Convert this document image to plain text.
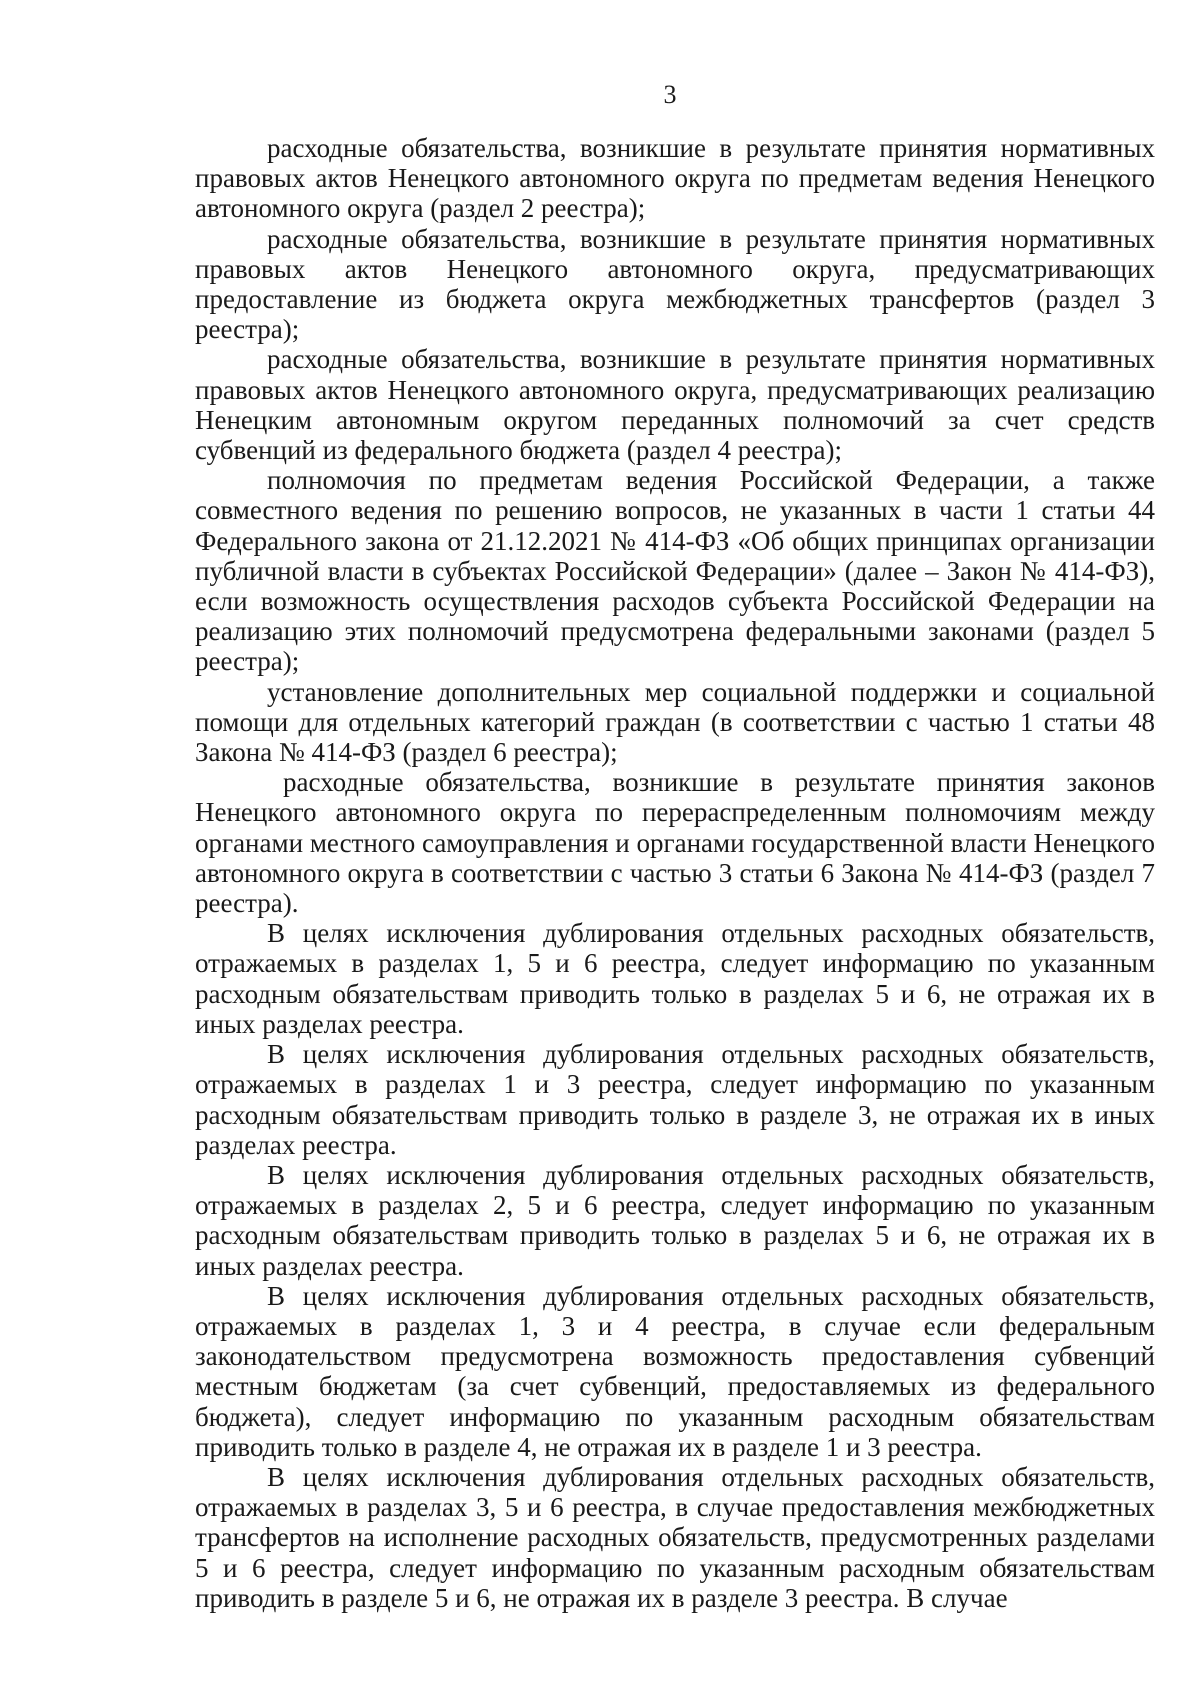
3

расходные обязательства, возникшие в результате принятия нормативных правовых актов Ненецкого автономного округа по предметам ведения Ненецкого автономного округа (раздел 2 реестра);

расходные обязательства, возникшие в результате принятия нормативных правовых актов Ненецкого автономного округа, предусматривающих предоставление из бюджета округа межбюджетных трансфертов (раздел 3 реестра);

расходные обязательства, возникшие в результате принятия нормативных правовых актов Ненецкого автономного округа, предусматривающих реализацию Ненецким автономным округом переданных полномочий за счет средств субвенций из федерального бюджета (раздел 4 реестра);

полномочия по предметам ведения Российской Федерации, а также совместного ведения по решению вопросов, не указанных в части 1 статьи 44 Федерального закона от 21.12.2021 № 414-ФЗ «Об общих принципах организации публичной власти в субъектах Российской Федерации» (далее – Закон № 414-ФЗ), если возможность осуществления расходов субъекта Российской Федерации на реализацию этих полномочий предусмотрена федеральными законами (раздел 5 реестра);

установление дополнительных мер социальной поддержки и социальной помощи для отдельных категорий граждан (в соответствии с частью 1 статьи 48 Закона № 414-ФЗ (раздел 6 реестра);

расходные обязательства, возникшие в результате принятия законов Ненецкого автономного округа по перераспределенным полномочиям между органами местного самоуправления и органами государственной власти Ненецкого автономного округа в соответствии с частью 3 статьи 6 Закона № 414-ФЗ (раздел 7 реестра).

В целях исключения дублирования отдельных расходных обязательств, отражаемых в разделах 1, 5 и 6 реестра, следует информацию по указанным расходным обязательствам приводить только в разделах 5 и 6, не отражая их в иных разделах реестра.

В целях исключения дублирования отдельных расходных обязательств, отражаемых в разделах 1 и 3 реестра, следует информацию по указанным расходным обязательствам приводить только в разделе 3, не отражая их в иных разделах реестра.

В целях исключения дублирования отдельных расходных обязательств, отражаемых в разделах 2, 5 и 6 реестра, следует информацию по указанным расходным обязательствам приводить только в разделах 5 и 6, не отражая их в иных разделах реестра.

В целях исключения дублирования отдельных расходных обязательств, отражаемых в разделах 1, 3 и 4 реестра, в случае если федеральным законодательством предусмотрена возможность предоставления субвенций местным бюджетам (за счет субвенций, предоставляемых из федерального бюджета), следует информацию по указанным расходным обязательствам приводить только в разделе 4, не отражая их в разделе 1 и 3 реестра.

В целях исключения дублирования отдельных расходных обязательств, отражаемых в разделах 3, 5 и 6 реестра, в случае предоставления межбюджетных трансфертов на исполнение расходных обязательств, предусмотренных разделами 5 и 6 реестра, следует информацию по указанным расходным обязательствам приводить в разделе 5 и 6, не отражая их в разделе 3 реестра. В случае
